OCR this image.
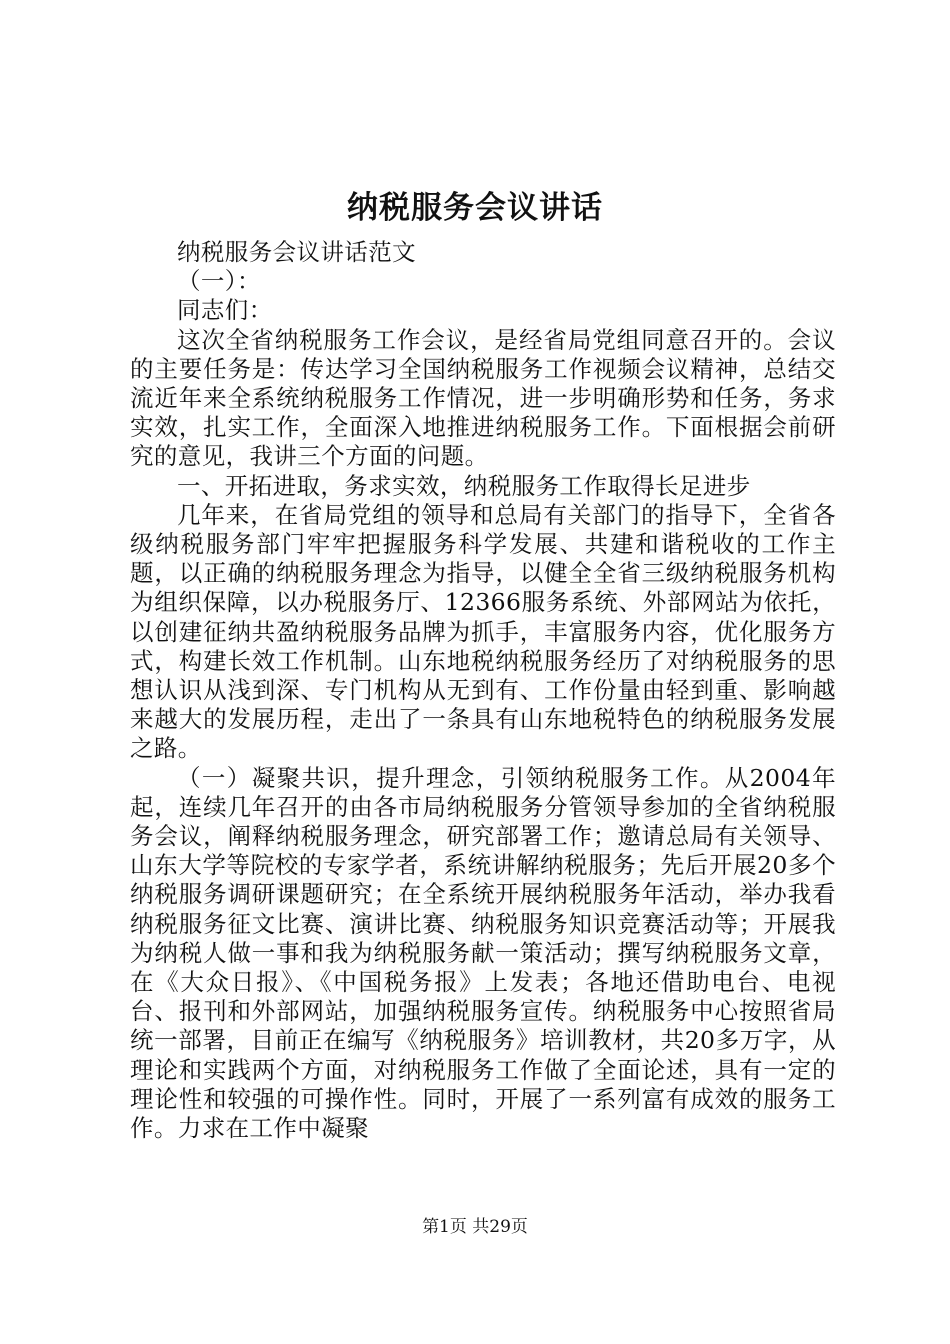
纳税服务会议讲话

纳税服务会议讲话范文

（一）：

同志们：

这次全省纳税服务工作会议，是经省局党组同意召开的。会议的主要任务是：传达学习全国纳税服务工作视频会议精神，总结交流近年来全系统纳税服务工作情况，进一步明确形势和任务，务求实效，扎实工作，全面深入地推进纳税服务工作。下面根据会前研究的意见，我讲三个方面的问题。

一、开拓进取，务求实效，纳税服务工作取得长足进步

几年来，在省局党组的领导和总局有关部门的指导下，全省各级纳税服务部门牢牢把握服务科学发展、共建和谐税收的工作主题，以正确的纳税服务理念为指导，以健全全省三级纳税服务机构为组织保障，以办税服务厅、12366服务系统、外部网站为依托，以创建征纳共盈纳税服务品牌为抓手，丰富服务内容，优化服务方式，构建长效工作机制。山东地税纳税服务经历了对纳税服务的思想认识从浅到深、专门机构从无到有、工作份量由轻到重、影响越来越大的发展历程，走出了一条具有山东地税特色的纳税服务发展之路。

（一）凝聚共识，提升理念，引领纳税服务工作。从2004年起，连续几年召开的由各市局纳税服务分管领导参加的全省纳税服务会议，阐释纳税服务理念，研究部署工作；邀请总局有关领导、山东大学等院校的专家学者，系统讲解纳税服务；先后开展20多个纳税服务调研课题研究；在全系统开展纳税服务年活动，举办我看纳税服务征文比赛、演讲比赛、纳税服务知识竞赛活动等；开展我为纳税人做一事和我为纳税服务献一策活动；撰写纳税服务文章，在《大众日报》、《中国税务报》上发表；各地还借助电台、电视台、报刊和外部网站，加强纳税服务宣传。纳税服务中心按照省局统一部署，目前正在编写《纳税服务》培训教材，共20多万字，从理论和实践两个方面，对纳税服务工作做了全面论述，具有一定的理论性和较强的可操作性。同时，开展了一系列富有成效的服务工作。力求在工作中凝聚

第1页 共29页
